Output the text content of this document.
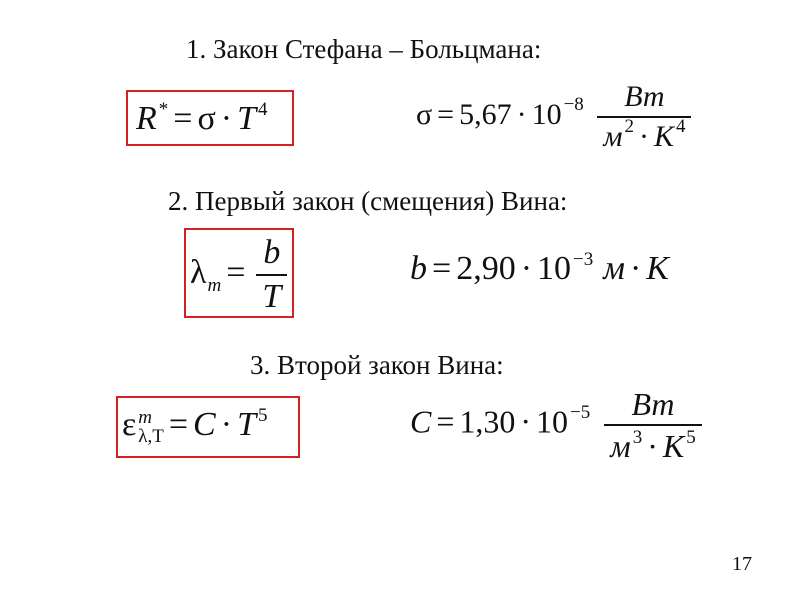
1. Закон Стефана – Больцмана:
R * = σ · T $^4$	σ = 5,67 · 10 $^{-8} \frac{Вт}{м ^2 \cdot K ^4}$
2. Первый закон (смещения) Вина:
$\lambda_m = \frac{b}{T}$	b = 2,90 · 10 $^{-3}$ м · K
3. Второй закон Вина:
ε m
λ,T = C · T $^5$	C = 1,30 · 10 $^{-5} \frac{Вт}{м ^3 \cdot K ^5}$
17
